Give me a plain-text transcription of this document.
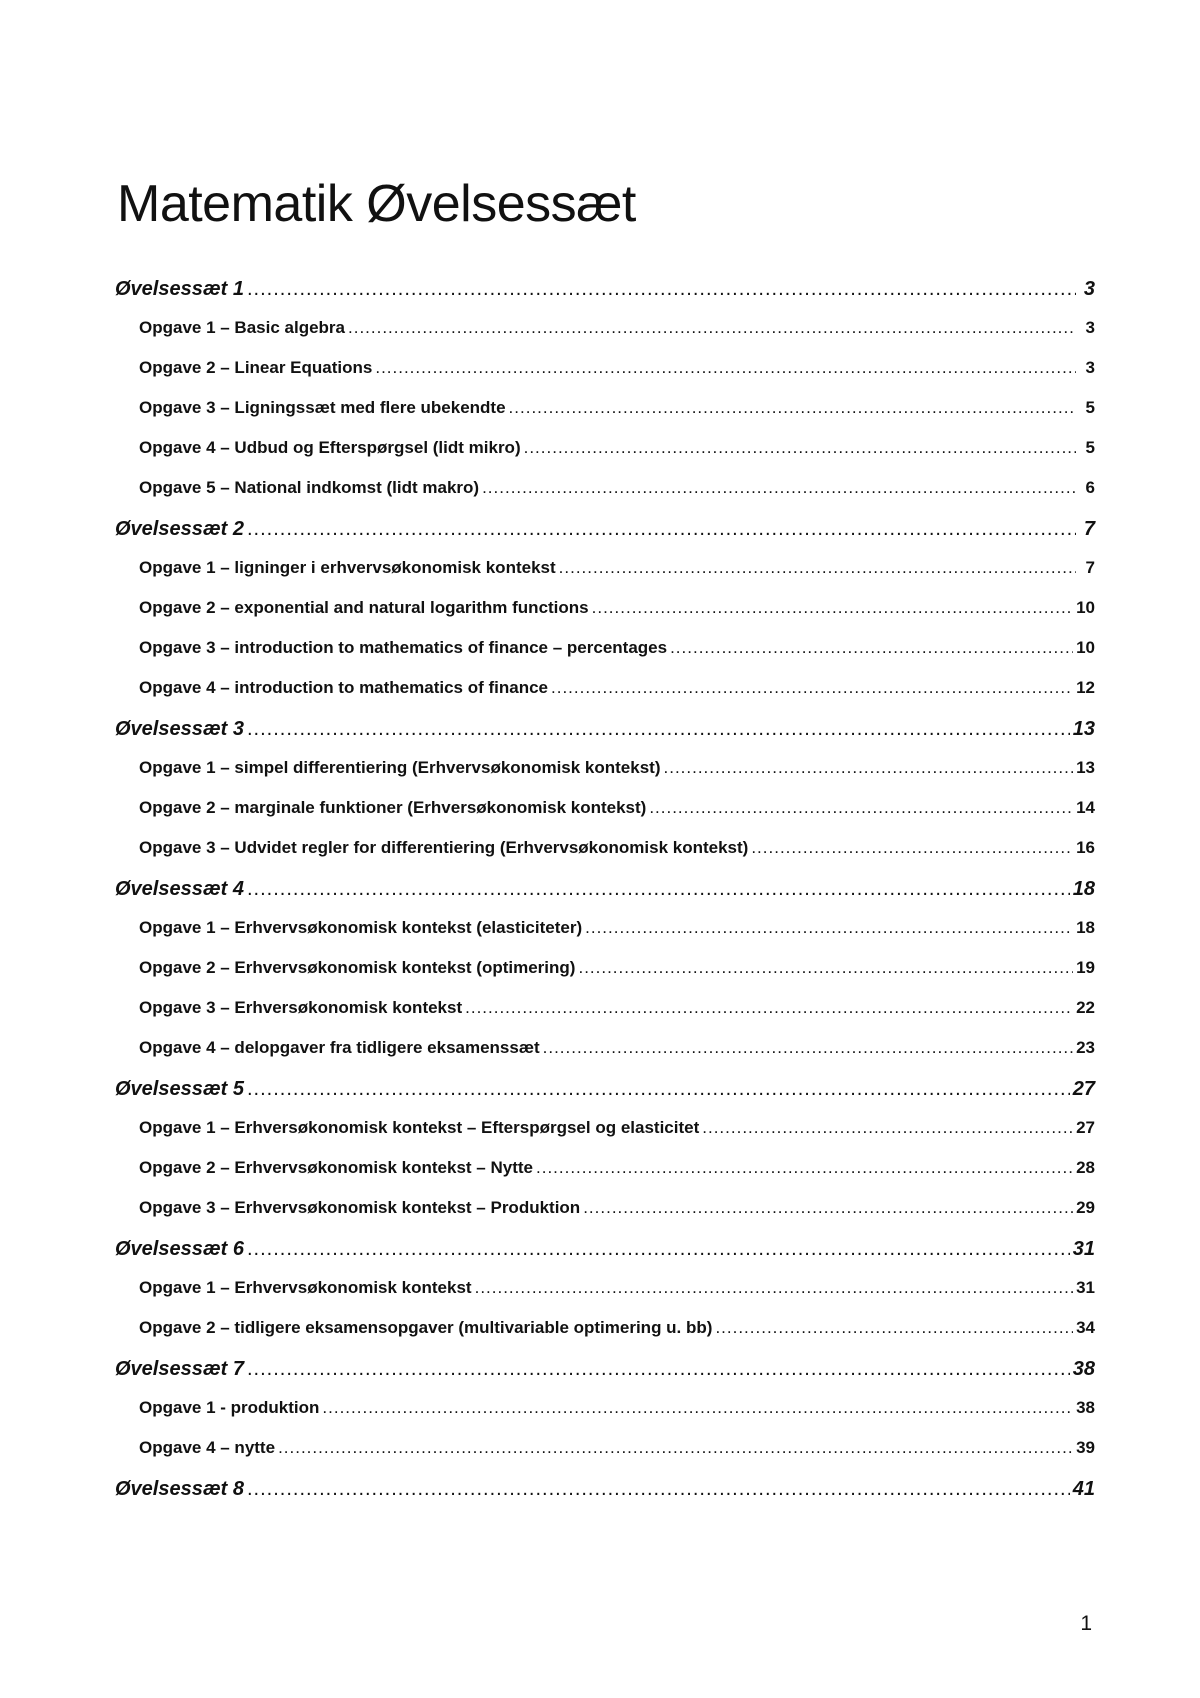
Matematik Øvelsessæt
Øvelsessæt 1 .....	3
Opgave 1 – Basic algebra .....	3
Opgave 2 – Linear Equations .....	3
Opgave 3 – Ligningssæt med flere ubekendte .....	5
Opgave 4 – Udbud og Efterspørgsel (lidt mikro) .....	5
Opgave 5 – National indkomst (lidt makro) .....	6
Øvelsessæt 2 .....	7
Opgave 1 – ligninger i erhvervsøkonomisk kontekst .....	7
Opgave 2 – exponential and natural logarithm functions .....	10
Opgave 3 – introduction to mathematics of finance – percentages .....	10
Opgave 4 – introduction to mathematics of finance .....	12
Øvelsessæt 3 .....	13
Opgave 1 – simpel differentiering (Erhvervsøkonomisk kontekst) .....	13
Opgave 2 – marginale funktioner (Erhversøkonomisk kontekst) .....	14
Opgave 3 – Udvidet regler for differentiering (Erhvervsøkonomisk kontekst) .....	16
Øvelsessæt 4 .....	18
Opgave 1 – Erhvervsøkonomisk kontekst (elasticiteter) .....	18
Opgave 2 – Erhvervsøkonomisk kontekst (optimering) .....	19
Opgave 3 – Erhversøkonomisk kontekst .....	22
Opgave 4 – delopgaver fra tidligere eksamenssæt .....	23
Øvelsessæt 5 .....	27
Opgave 1 – Erhversøkonomisk kontekst – Efterspørgsel og elasticitet .....	27
Opgave 2 – Erhvervsøkonomisk kontekst – Nytte .....	28
Opgave 3 – Erhvervsøkonomisk kontekst – Produktion .....	29
Øvelsessæt 6 .....	31
Opgave 1 – Erhvervsøkonomisk kontekst .....	31
Opgave 2 – tidligere eksamensopgaver (multivariable optimering u. bb) .....	34
Øvelsessæt 7 .....	38
Opgave 1 - produktion .....	38
Opgave 4 – nytte .....	39
Øvelsessæt 8 .....	41
1
